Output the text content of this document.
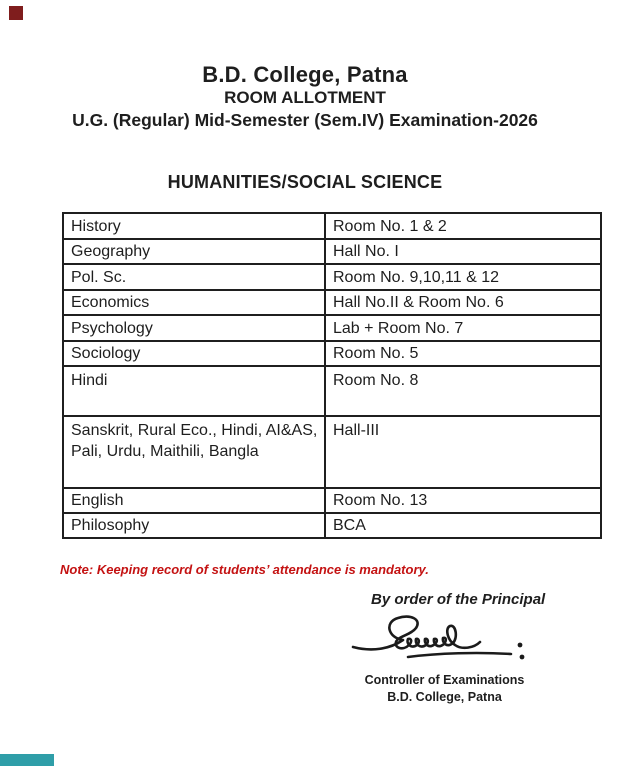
B.D. College, Patna
ROOM ALLOTMENT
U.G. (Regular) Mid-Semester (Sem.IV) Examination-2026
HUMANITIES/SOCIAL SCIENCE
History	Room No. 1 & 2
Geography	Hall No. I
Pol. Sc.	Room No. 9,10,11 & 12
Economics	Hall No.II & Room No. 6
Psychology	Lab + Room No. 7
Sociology	Room No. 5
Hindi	Room No. 8
Sanskrit, Rural Eco., Hindi, AI&AS, Pali, Urdu, Maithili, Bangla	Hall-III
English	Room No. 13
Philosophy	BCA
Note: Keeping record of students’ attendance is mandatory.
By order of the Principal
Controller of Examinations
B.D. College, Patna
